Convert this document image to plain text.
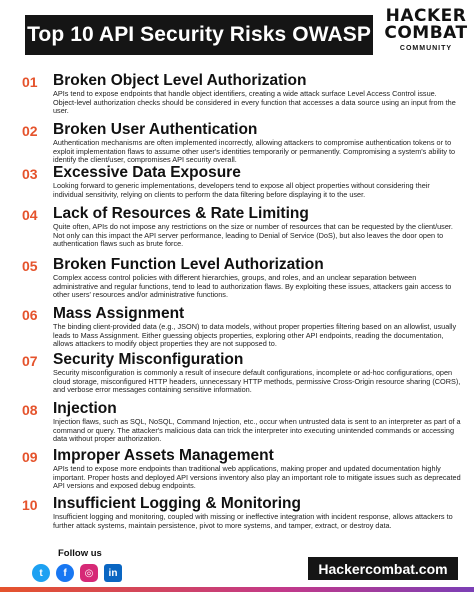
Top 10 API Security Risks OWASP
HACKER
COMBAT
COMMUNITY
01 Broken Object Level Authorization
APIs tend to expose endpoints that handle object identifiers, creating a wide attack surface Level Access Control issue. Object-level authorization checks should be considered in every function that accesses a data source using an input from the user.
02 Broken User Authentication
Authentication mechanisms are often implemented incorrectly, allowing attackers to compromise authentication tokens or to exploit implementation flaws to assume other user's identities temporarily or permanently. Compromising a system's ability to identify the client/user, compromises API security overall.
03 Excessive Data Exposure
Looking forward to generic implementations, developers tend to expose all object properties without considering their individual sensitivity, relying on clients to perform the data filtering before displaying it to the user.
04 Lack of Resources & Rate Limiting
Quite often, APIs do not impose any restrictions on the size or number of resources that can be requested by the client/user. Not only can this impact the API server performance, leading to Denial of Service (DoS), but also leaves the door open to authentication flaws such as brute force.
05 Broken Function Level Authorization
Complex access control policies with different hierarchies, groups, and roles, and an unclear separation between administrative and regular functions, tend to lead to authorization flaws. By exploiting these issues, attackers gain access to other users' resources and/or administrative functions.
06 Mass Assignment
The binding client-provided data (e.g., JSON) to data models, without proper properties filtering based on an allowlist, usually leads to Mass Assignment. Either guessing objects properties, exploring other API endpoints, reading the documentation, allows attackers to modify object properties they are not supposed to.
07 Security Misconfiguration
Security misconfiguration is commonly a result of insecure default configurations, incomplete or ad-hoc configurations, open cloud storage, misconfigured HTTP headers, unnecessary HTTP methods, permissive Cross-Origin resource sharing (CORS), and verbose error messages containing sensitive information.
08 Injection
Injection flaws, such as SQL, NoSQL, Command Injection, etc., occur when untrusted data is sent to an interpreter as part of a command or query. The attacker's malicious data can trick the interpreter into executing unintended commands or accessing data without proper authorization.
09 Improper Assets Management
APIs tend to expose more endpoints than traditional web applications, making proper and updated documentation highly important. Proper hosts and deployed API versions inventory also play an important role to mitigate issues such as deprecated API versions and exposed debug endpoints.
10 Insufficient Logging & Monitoring
Insufficient logging and monitoring, coupled with missing or ineffective integration with incident response, allows attackers to further attack systems, maintain persistence, pivot to more systems, and tamper, extract, or destroy data.
Follow us
t	f	◎	in	Hackercombat.com
